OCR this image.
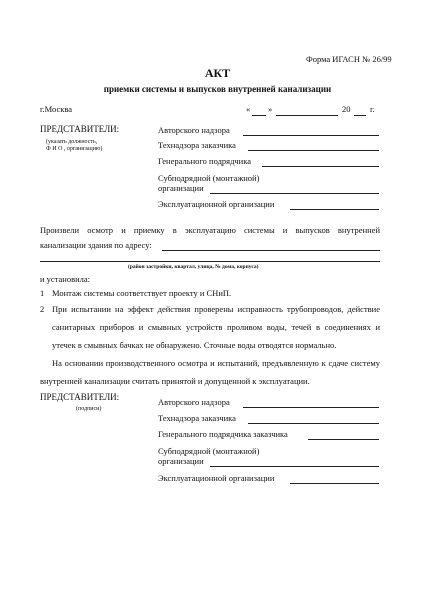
Форма ИГАСН № 26/99
АКТ
приемки системы и выпусков внутренней канализации
г.Москва	« »	20 г.
ПРЕДСТАВИТЕЛИ:
(указать должность,
Ф И О , организацию)
Авторского надзора
Технадзора заказчика
Генерального подрядчика
Субподрядной (монтажной)
организации
Эксплуатационной организации
Произвели осмотр и приемку в эксплуатацию системы и выпусков внутренней
канализации здания по адресу:
(район застройки, квартал, улица, № дома, корпуса)
и установила:
1 Монтаж системы соответствует проекту и СНиП.
2 При испытании на эффект действия проверены исправность трубопроводов, действие санитарных приборов и смывных устройств проливом воды, течей в соединениях и утечек в смывных бачках не обнаружено. Сточные воды отводятся нормально.
На основании производственного осмотра и испытаний, предъявленную к сдаче систему внутренней канализации считать принятой и допущенной к эксплуатации.
ПРЕДСТАВИТЕЛИ:
(подписи)
Авторского надзора
Технадзора заказчика
Генерального подрядчика заказчика
Субподрядной (монтажной)
организации
Эксплуатационной организации
